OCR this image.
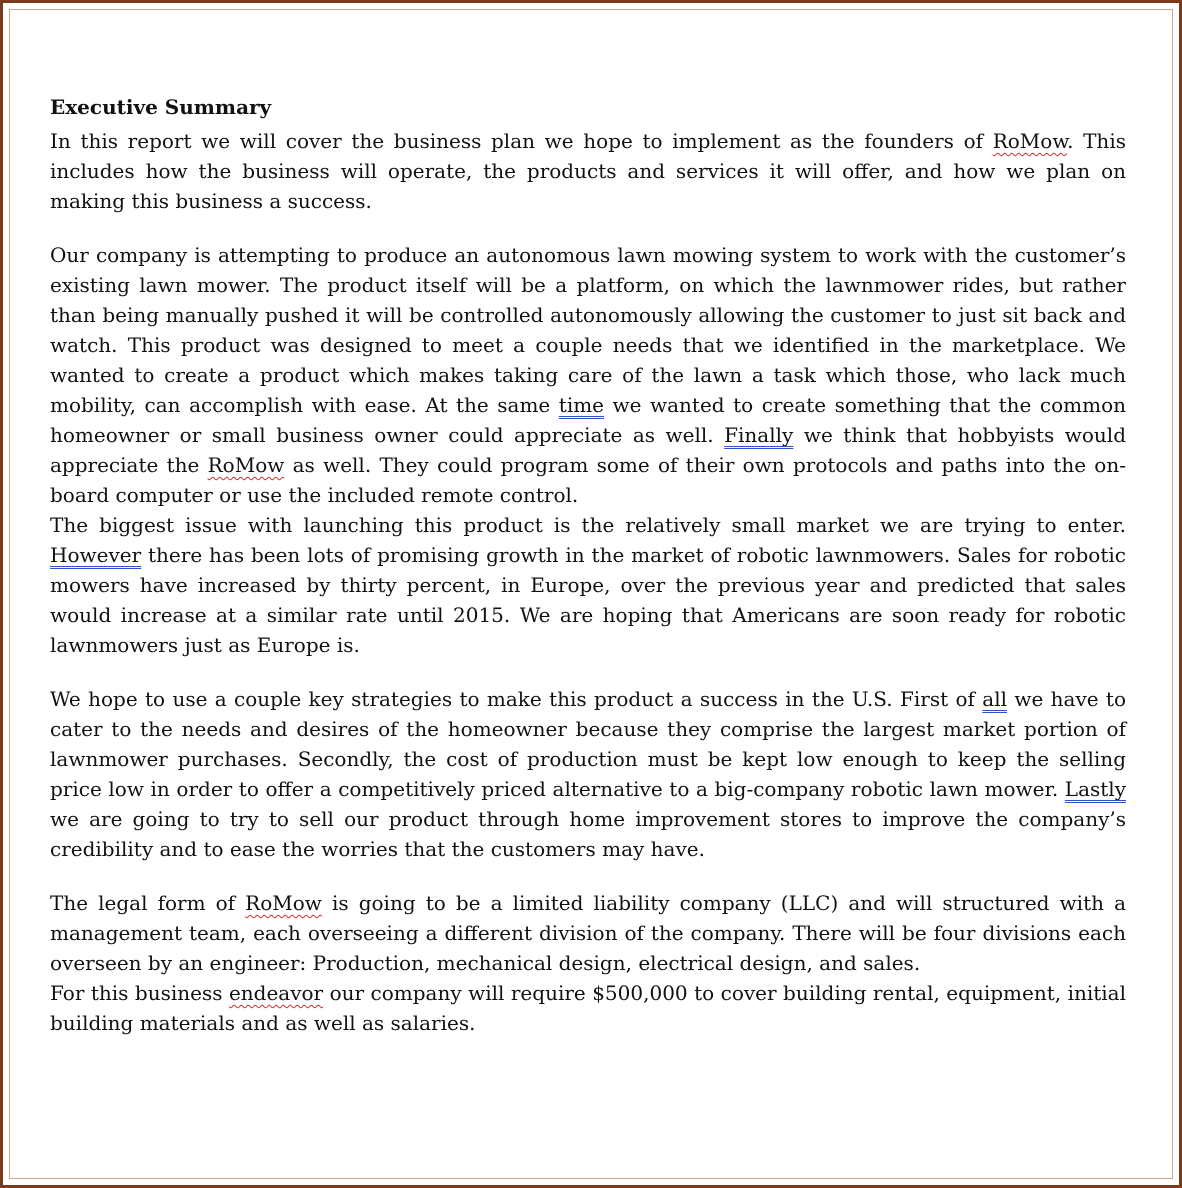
Executive Summary

In this report we will cover the business plan we hope to implement as the founders of RoMow. This includes how the business will operate, the products and services it will offer, and how we plan on making this business a success.

Our company is attempting to produce an autonomous lawn mowing system to work with the customer’s existing lawn mower. The product itself will be a platform, on which the lawnmower rides, but rather than being manually pushed it will be controlled autonomously allowing the customer to just sit back and watch. This product was designed to meet a couple needs that we identified in the marketplace. We wanted to create a product which makes taking care of the lawn a task which those, who lack much mobility, can accomplish with ease. At the same time we wanted to create something that the common homeowner or small business owner could appreciate as well. Finally we think that hobbyists would appreciate the RoMow as well. They could program some of their own protocols and paths into the on-board computer or use the included remote control.

The biggest issue with launching this product is the relatively small market we are trying to enter. However there has been lots of promising growth in the market of robotic lawnmowers. Sales for robotic mowers have increased by thirty percent, in Europe, over the previous year and predicted that sales would increase at a similar rate until 2015. We are hoping that Americans are soon ready for robotic lawnmowers just as Europe is.

We hope to use a couple key strategies to make this product a success in the U.S. First of all we have to cater to the needs and desires of the homeowner because they comprise the largest market portion of lawnmower purchases. Secondly, the cost of production must be kept low enough to keep the selling price low in order to offer a competitively priced alternative to a big-company robotic lawn mower. Lastly we are going to try to sell our product through home improvement stores to improve the company’s credibility and to ease the worries that the customers may have.

The legal form of RoMow is going to be a limited liability company (LLC) and will structured with a management team, each overseeing a different division of the company. There will be four divisions each overseen by an engineer: Production, mechanical design, electrical design, and sales.

For this business endeavor our company will require $500,000 to cover building rental, equipment, initial building materials and as well as salaries.
